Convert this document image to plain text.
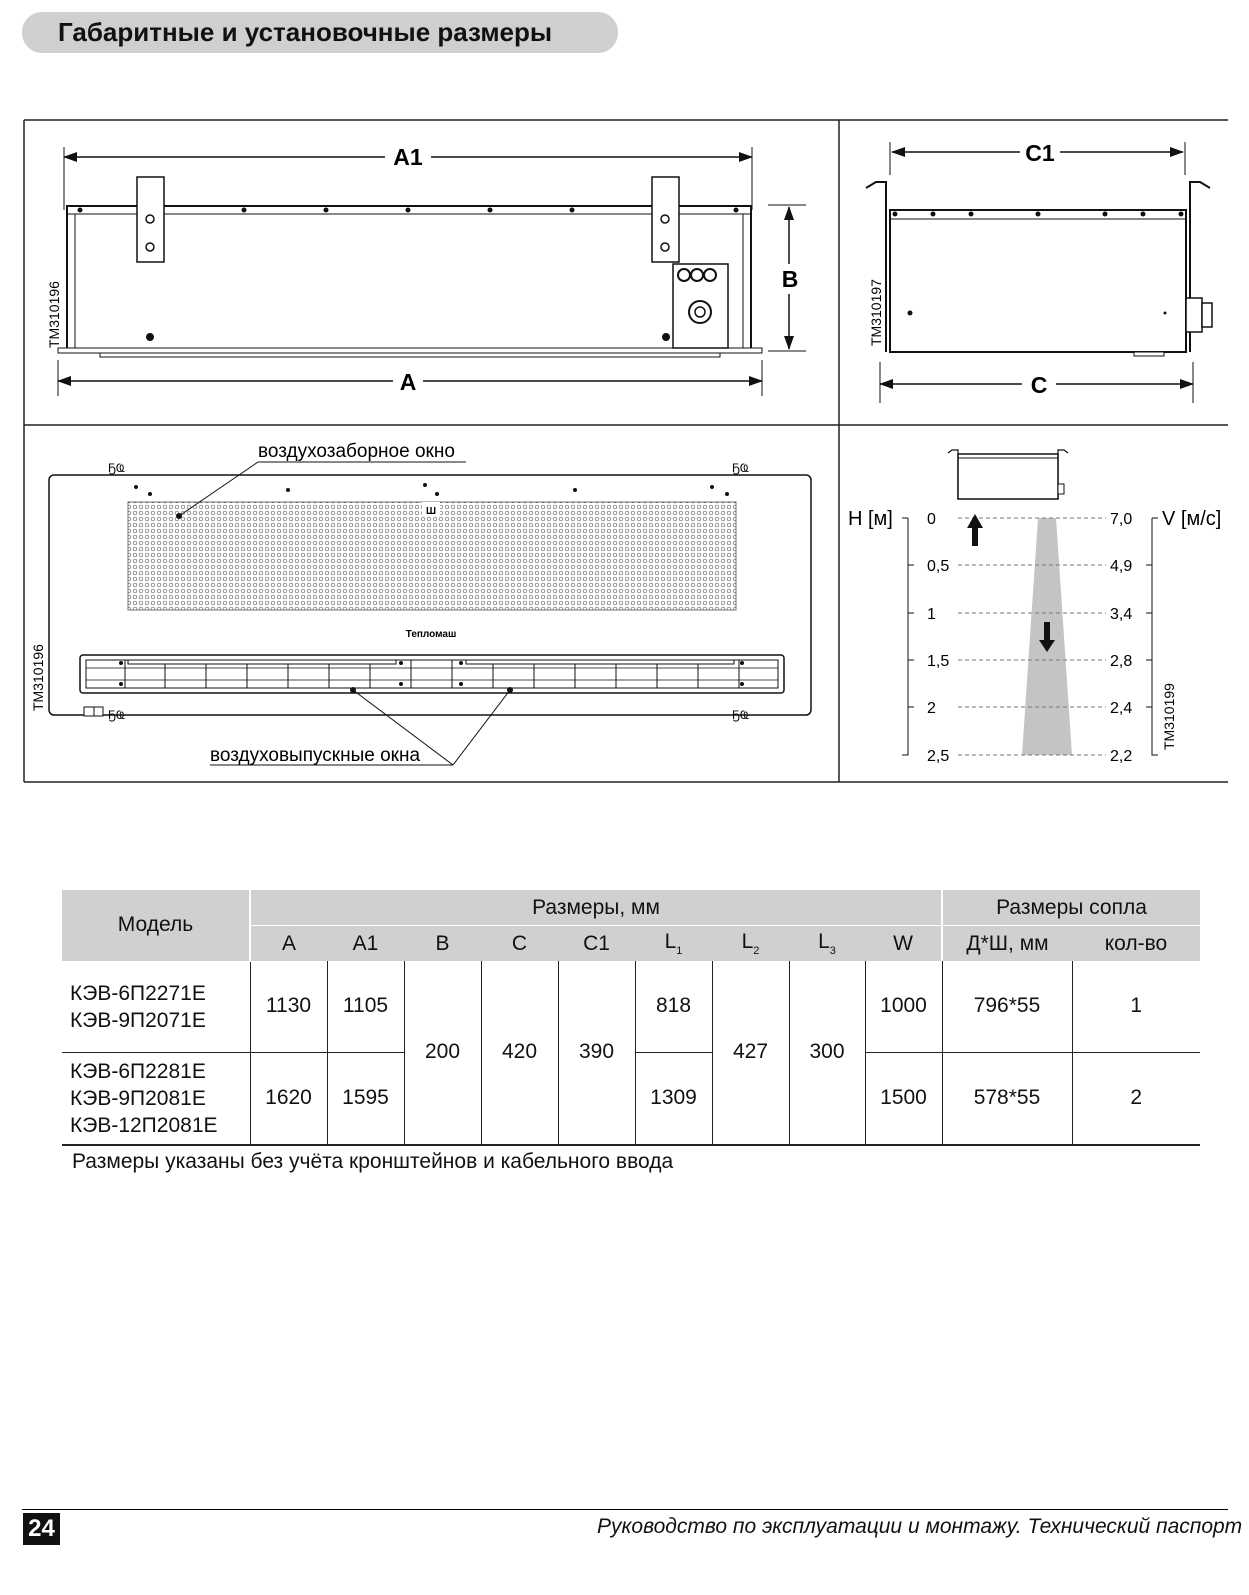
Габаритные и установочные размеры
A1
B
A
ТМ310196
C1
C
ТМ310197
Ш
ҔҨ	ҔҨ
ҔҨ	ҔҨ
Тепломаш
воздухозаборное окно
воздуховыпускные окна
ТМ310196
H [м]	V [м/с]
0
0,5
1
1,5
2
2,5
7,0
4,9
3,4
2,8
2,4
2,2
ТМ310199
Модель	Размеры, мм									Размеры сопла	
	A	A1	B	C	C1	$L_1$	$L_2$	$L_3$	W	Д*Ш, мм	кол-во

КЭВ-6П2271Е
КЭВ-9П2071Е	1130	1105	200	420	390	818	427	300	1000	796*55	1

КЭВ-6П2281Е
КЭВ-9П2081Е
КЭВ-12П2081Е	1620	1595				1309			1500	578*55	2
Размеры указаны без учёта кронштейнов и кабельного ввода
24	Руководство по эксплуатации и монтажу. Технический паспорт
